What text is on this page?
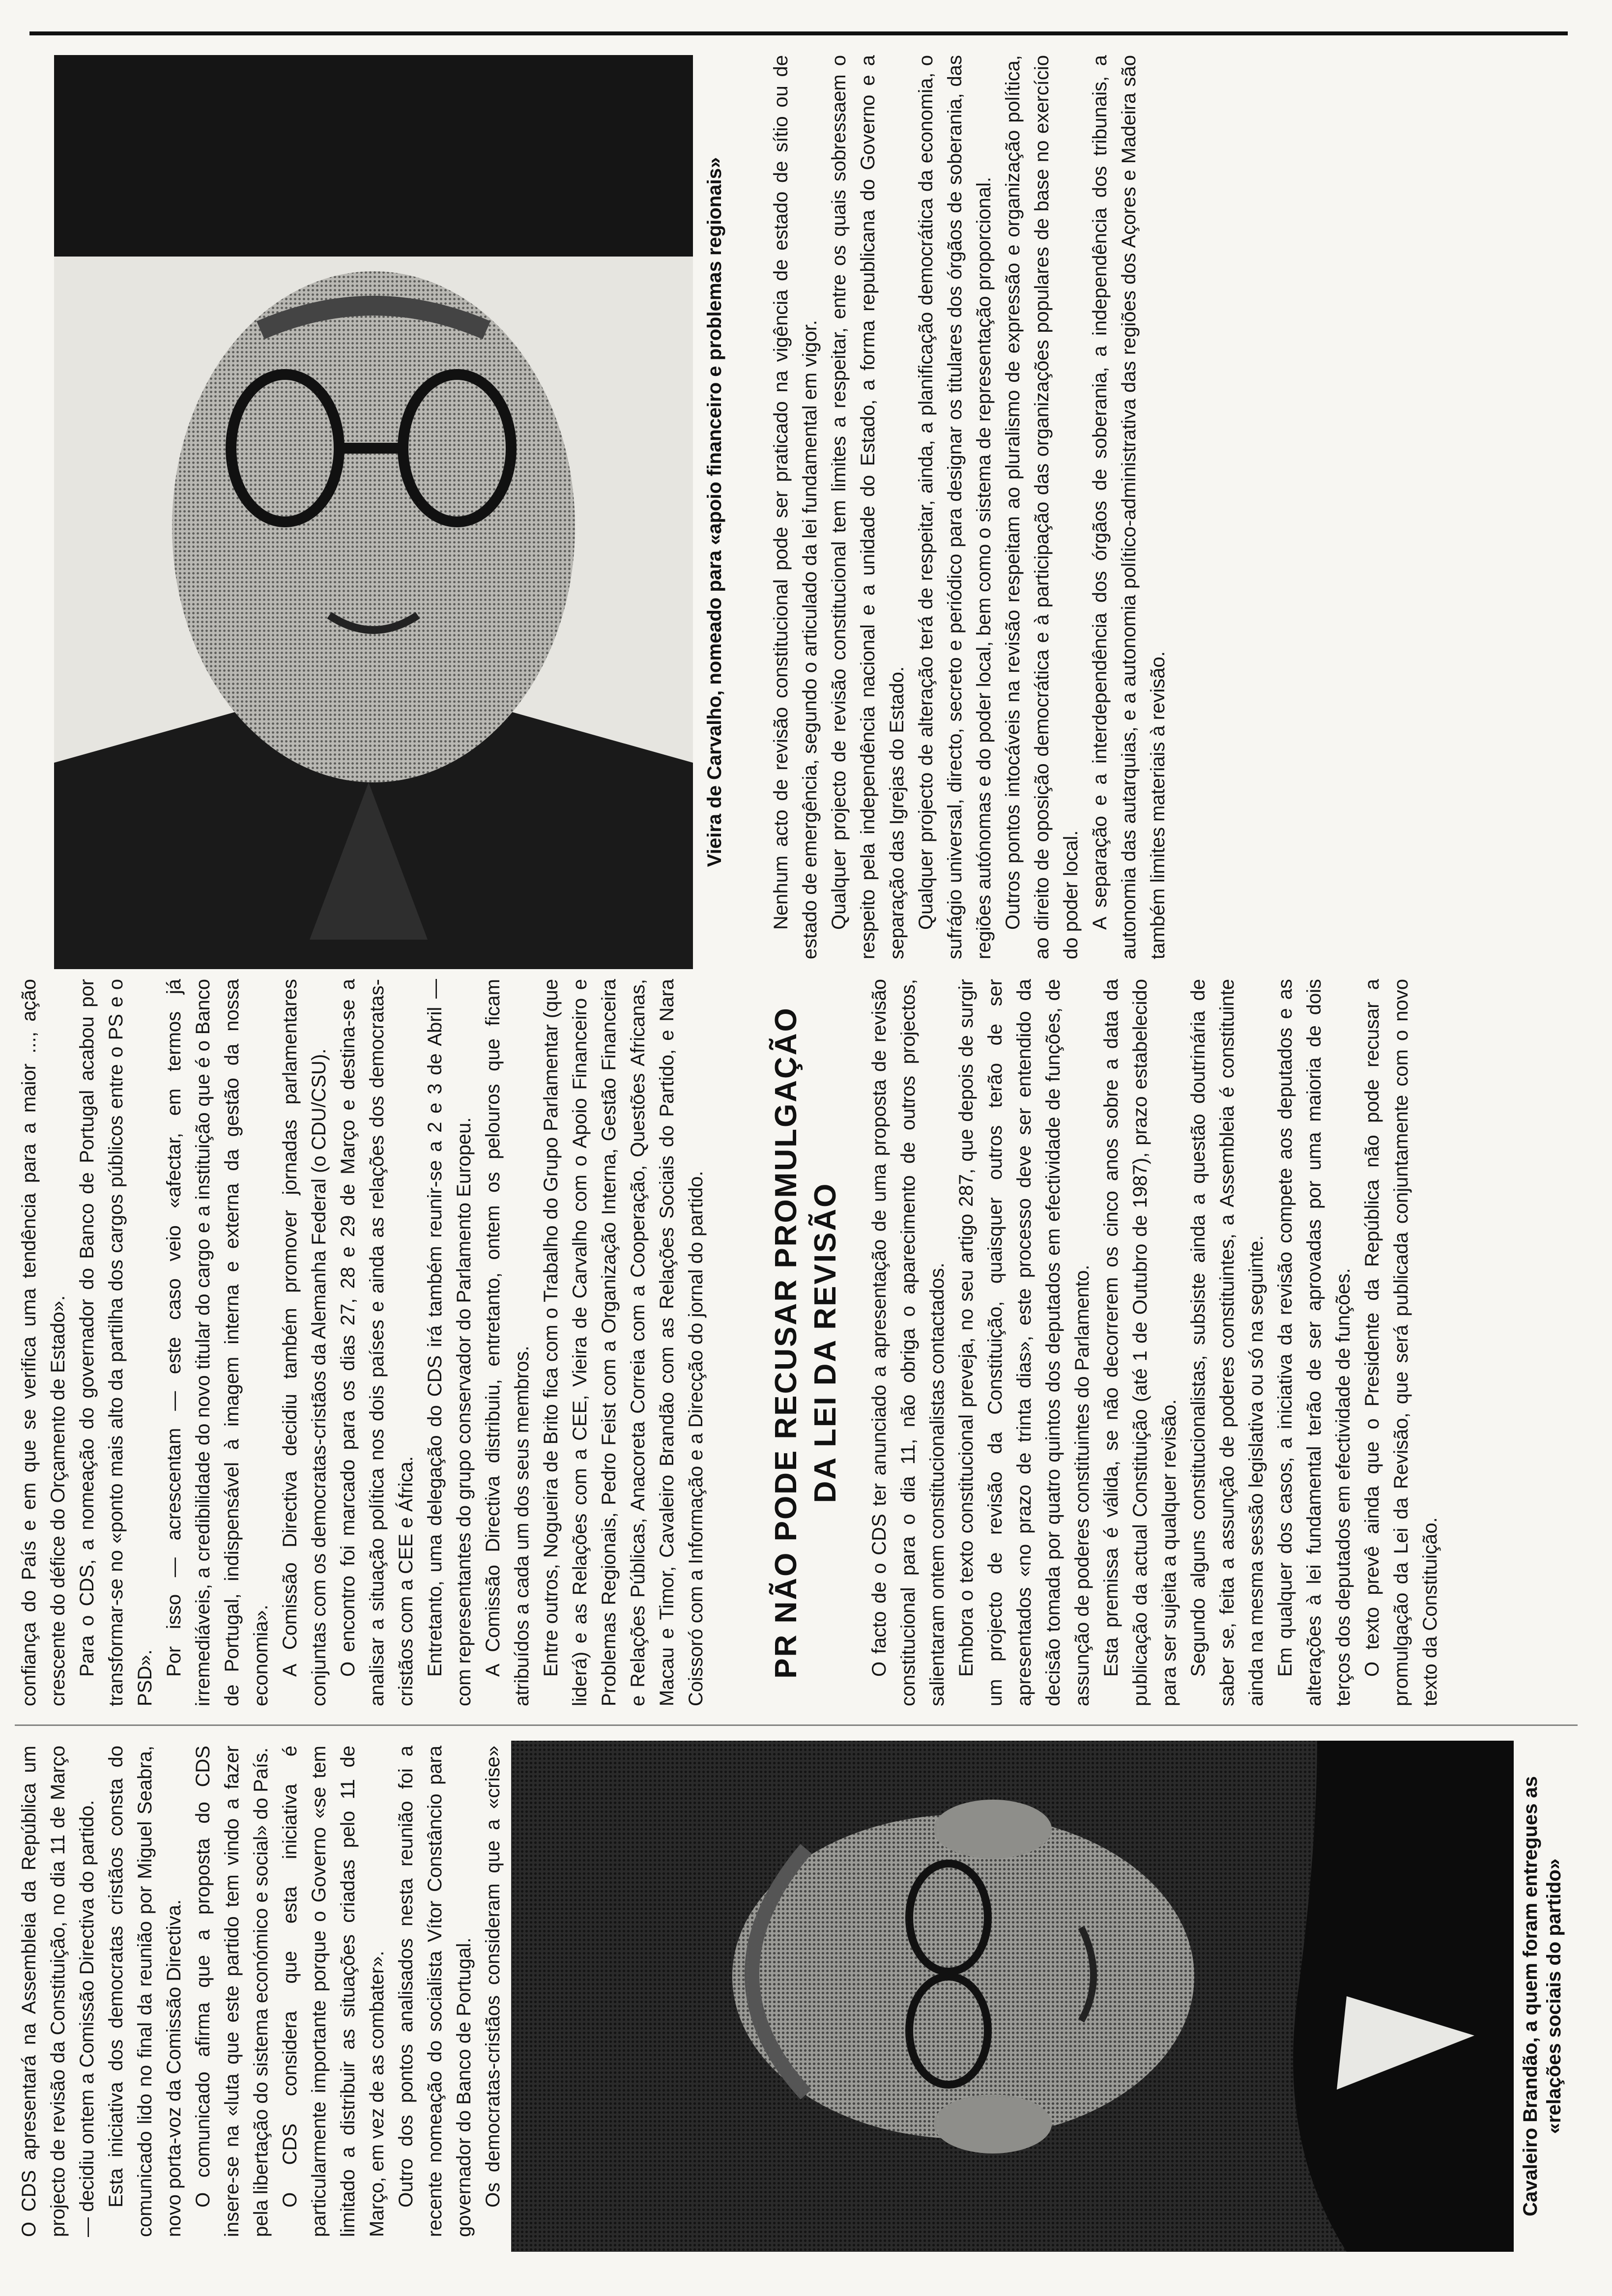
O CDS apresentará na Assembleia da República um projecto de revisão da Constituição, no dia 11 de Março — decidiu ontem a Comissão Directiva do partido. Esta iniciativa dos democratas cristãos consta do comunicado lido no final da reunião por Miguel Seabra, novo porta-voz da Comissão Directiva. O comunicado afirma que a proposta do CDS insere-se na «luta que este partido tem vindo a fazer pela libertação do sistema económico e social» do País. O CDS considera que esta iniciativa é particularmente importante porque o Governo «se tem limitado a distribuir as situações criadas pelo 11 de Março, em vez de as combater». Outro dos pontos analisados nesta reunião foi a recente nomeação do socialista Vítor Constâncio para governador do Banco de Portugal. Os democratas-cristãos consideram que a «crise»	Cavaleiro Brandão, a quem foram entregues as «relações sociais do partido»

confiança do País e em que se verifica uma tendência para a maior ..., ação crescente do défice do Orçamento de Estado». Para o CDS, a nomeação do governador do Banco de Portugal acabou por transformar-se no «ponto mais alto da partilha dos cargos públicos entre o PS e o PSD».

Por isso — acrescentam — este caso veio «afectar, em termos já irremediáveis, a credibilidade do novo titular do cargo e a instituição que é o Banco de Portugal, indispensável à imagem interna e externa da gestão da nossa economia». A Comissão Directiva decidiu também promover jornadas parlamentares conjuntas com os democratas-cristãos da Alemanha Federal (o CDU/CSU). O encontro foi marcado para os dias 27, 28 e 29 de Março e destina-se a analisar a situação política nos dois países e ainda as relações dos democratas-cristãos com a CEE e África. Entretanto, uma delegação do CDS irá também reunir-se a 2 e 3 de Abril — com representantes do grupo conservador do Parlamento Europeu. A Comissão Directiva distribuiu, entretanto, ontem os pelouros que ficam atribuídos a cada um dos seus membros. Entre outros, Nogueira de Brito fica com o Trabalho do Grupo Parlamentar (que liderá) e as Relações com a CEE, Vieira de Carvalho com o Apoio Financeiro e Problemas Regionais, Pedro Feist com a Organização Interna, Gestão Financeira e Relações Públicas, Anacoreta Correia com a Cooperação, Questões Africanas, Macau e Timor, Cavaleiro Brandão com as Relações Sociais do Partido, e Nara Coissoró com a Informação e a Direcção do jornal do partido. PR NÃO PODE RECUSAR PROMULGAÇÃO DA LEI DA REVISÃO O facto de o CDS ter anunciado a apresentação de uma proposta de revisão constitucional para o dia 11, não obriga o aparecimento de outros projectos, salientaram ontem constitucionalistas contactados. Embora o texto constitucional preveja, no seu artigo 287, que depois de surgir um projecto de revisão da Constituição, quaisquer outros terão de ser apresentados «no prazo de trinta dias», este processo deve ser entendido da decisão tomada por quatro quintos dos deputados em efectividade de funções, de assunção de poderes constituintes do Parlamento. Esta premissa é válida, se não decorrerem os cinco anos sobre a data da publicação da actual Constituição (até 1 de Outubro de 1987), prazo estabelecido para ser sujeita a qualquer revisão. Segundo alguns constitucionalistas, subsiste ainda a questão doutrinária de saber se, feita a assunção de poderes constituintes, a Assembleia é constituinte ainda na mesma sessão legislativa ou só na seguinte. Em qualquer dos casos, a iniciativa da revisão compete aos deputados e as alterações à lei fundamental terão de ser aprovadas por uma maioria de dois terços dos deputados em efectividade de funções. O texto prevê ainda que o Presidente da República não pode recusar a promulgação da Lei da Revisão, que será publicada conjuntamente com o novo texto da Constituição.

Vieira de Carvalho, nomeado para «apoio financeiro e problemas regionais» Nenhum acto de revisão constitucional pode ser praticado na vigência de estado de sítio ou de estado de emergência, segundo o articulado da lei fundamental em vigor. Qualquer projecto de revisão constitucional tem limites a respeitar, entre os quais sobressaem o respeito pela independência nacional e a unidade do Estado, a forma republicana do Governo e a separação das Igrejas do Estado. Qualquer projecto de alteração terá de respeitar, ainda, a planificação democrática da economia, o sufrágio universal, directo, secreto e periódico para designar os titulares dos órgãos de soberania, das regiões autónomas e do poder local, bem como o sistema de representação proporcional. Outros pontos intocáveis na revisão respeitam ao pluralismo de expressão e organização política, ao direito de oposição democrática e à participação das organizações populares de base no exercício do poder local. A separação e a interdependência dos órgãos de soberania, a independência dos tribunais, a autonomia das autarquias, e a autonomia político-administrativa das regiões dos Açores e Madeira são também limites materiais à revisão.
